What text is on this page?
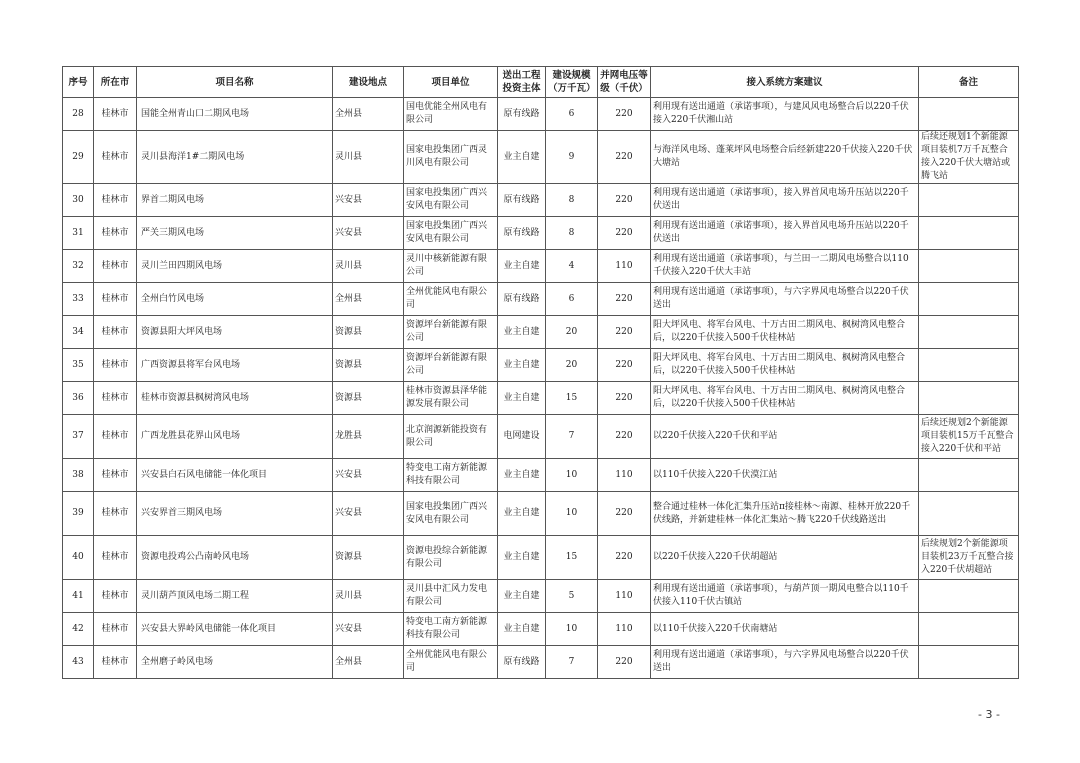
序号	所在市	项目名称	建设地点	项目单位	送出工程投资主体	建设规模（万千瓦）	并网电压等级（千伏）	接入系统方案建议	备注
28	桂林市	国能全州青山口二期风电场	全州县	国电优能全州风电有限公司	原有线路	6	220	利用现有送出通道（承诺事项），与建风风电场整合后以220千伏接入220千伏湘山站	
29	桂林市	灵川县海洋1#二期风电场	灵川县	国家电投集团广西灵川风电有限公司	业主自建	9	220	与海洋风电场、蓬莱坪风电场整合后经新建220千伏接入220千伏大塘站	后续还规划1个新能源项目装机7万千瓦整合接入220千伏大塘站或腾飞站
30	桂林市	界首二期风电场	兴安县	国家电投集团广西兴安风电有限公司	原有线路	8	220	利用现有送出通道（承诺事项），接入界首风电场升压站以220千伏送出	
31	桂林市	严关三期风电场	兴安县	国家电投集团广西兴安风电有限公司	原有线路	8	220	利用现有送出通道（承诺事项），接入界首风电场升压站以220千伏送出	
32	桂林市	灵川兰田四期风电场	灵川县	灵川中核新能源有限公司	业主自建	4	110	利用现有送出通道（承诺事项），与兰田一二期风电场整合以110千伏接入220千伏大丰站	
33	桂林市	全州白竹风电场	全州县	全州优能风电有限公司	原有线路	6	220	利用现有送出通道（承诺事项），与六字界风电场整合以220千伏送出	
34	桂林市	资源县阳大坪风电场	资源县	资源坪台新能源有限公司	业主自建	20	220	阳大坪风电、将军台风电、十万古田二期风电、枫树湾风电整合后，以220千伏接入500千伏桂林站	
35	桂林市	广西资源县将军台风电场	资源县	资源坪台新能源有限公司	业主自建	20	220	阳大坪风电、将军台风电、十万古田二期风电、枫树湾风电整合后，以220千伏接入500千伏桂林站	
36	桂林市	桂林市资源县枫树湾风电场	资源县	桂林市资源县泽华能源发展有限公司	业主自建	15	220	阳大坪风电、将军台风电、十万古田二期风电、枫树湾风电整合后，以220千伏接入500千伏桂林站	
37	桂林市	广西龙胜县花界山风电场	龙胜县	北京润源新能投资有限公司	电网建设	7	220	以220千伏接入220千伏和平站	后续还规划2个新能源项目装机15万千瓦整合接入220千伏和平站
38	桂林市	兴安县白石风电储能一体化项目	兴安县	特变电工南方新能源科技有限公司	业主自建	10	110	以110千伏接入220千伏漠江站	
39	桂林市	兴安界首三期风电场	兴安县	国家电投集团广西兴安风电有限公司	业主自建	10	220	整合通过桂林一体化汇集升压站π接桂林～南源、桂林开放220千伏线路，并新建桂林一体化汇集站～腾飞220千伏线路送出	
40	桂林市	资源电投鸡公凸南岭风电场	资源县	资源电投综合新能源有限公司	业主自建	15	220	以220千伏接入220千伏胡超站	后续规划2个新能源项目装机23万千瓦整合接入220千伏胡超站
41	桂林市	灵川葫芦顶风电场二期工程	灵川县	灵川县中汇风力发电有限公司	业主自建	5	110	利用现有送出通道（承诺事项），与葫芦顶一期风电整合以110千伏接入110千伏古镇站	
42	桂林市	兴安县大界岭风电储能一体化项目	兴安县	特变电工南方新能源科技有限公司	业主自建	10	110	以110千伏接入220千伏南塘站	
43	桂林市	全州磨子岭风电场	全州县	全州优能风电有限公司	原有线路	7	220	利用现有送出通道（承诺事项），与六字界风电场整合以220千伏送出	
- 3 -
